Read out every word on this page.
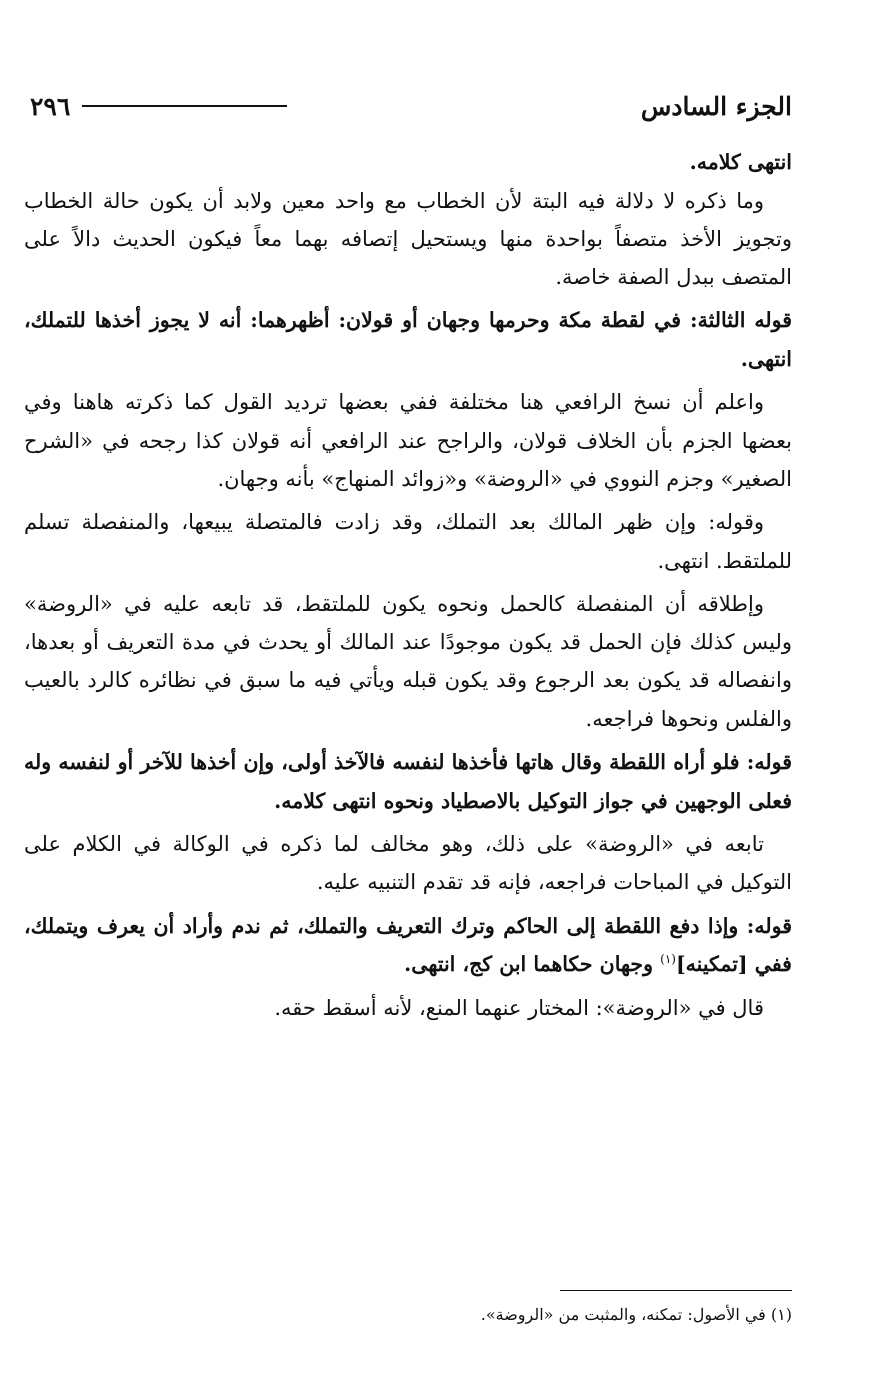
الجزء السادس
٢٩٦

انتهى كلامه.

وما ذكره لا دلالة فيه البتة لأن الخطاب مع واحد معين ولابد أن يكون حالة الخطاب وتجويز الأخذ متصفاً بواحدة منها ويستحيل إتصافه بهما معاً فيكون الحديث دالاً على المتصف ببدل الصفة خاصة.

قوله الثالثة: في لقطة مكة وحرمها وجهان أو قولان: أظهرهما: أنه لا يجوز أخذها للتملك، انتهى.

واعلم أن نسخ الرافعي هنا مختلفة ففي بعضها ترديد القول كما ذكرته هاهنا وفي بعضها الجزم بأن الخلاف قولان، والراجح عند الرافعي أنه قولان كذا رجحه في «الشرح الصغير» وجزم النووي في «الروضة» و«زوائد المنهاج» بأنه وجهان.

وقوله: وإن ظهر المالك بعد التملك، وقد زادت فالمتصلة يبيعها، والمنفصلة تسلم للملتقط. انتهى.

وإطلاقه أن المنفصلة كالحمل ونحوه يكون للملتقط، قد تابعه عليه في «الروضة» وليس كذلك فإن الحمل قد يكون موجودًا عند المالك أو يحدث في مدة التعريف أو بعدها، وانفصاله قد يكون بعد الرجوع وقد يكون قبله ويأتي فيه ما سبق في نظائره كالرد بالعيب والفلس ونحوها فراجعه.

قوله: فلو أراه اللقطة وقال هاتها فأخذها لنفسه فالآخذ أولى، وإن أخذها للآخر أو لنفسه وله فعلى الوجهين في جواز التوكيل بالاصطياد ونحوه انتهى كلامه.

تابعه في «الروضة» على ذلك، وهو مخالف لما ذكره في الوكالة في الكلام على التوكيل في المباحات فراجعه، فإنه قد تقدم التنبيه عليه.

قوله: وإذا دفع اللقطة إلى الحاكم وترك التعريف والتملك، ثم ندم وأراد أن يعرف ويتملك، ففي [تمكينه]$^{(١)}$ وجهان حكاهما ابن كج، انتهى.

قال في «الروضة»: المختار عنهما المنع، لأنه أسقط حقه.

(١) في الأصول: تمكنه، والمثبت من «الروضة».
